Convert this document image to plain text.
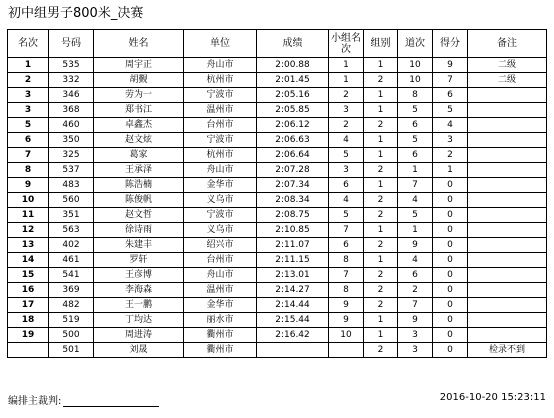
初中组男子800米_决赛
名次	号码	姓名	单位	成绩	小组名次	组别	道次	得分	备注
1	535	周宇正	舟山市	2:00.88	1	1	10	9	二级
2	332	胡觐	杭州市	2:01.45	1	2	10	7	二级
3	346	劳为一	宁波市	2:05.16	2	1	8	6	
3	368	郑书江	温州市	2:05.85	3	1	5	5	
5	460	卓鑫杰	台州市	2:06.12	2	2	6	4	
6	350	赵文炫	宁波市	2:06.63	4	1	5	3	
7	325	葛家	杭州市	2:06.64	5	1	6	2	
8	537	王承泽	舟山市	2:07.28	3	2	1	1	
9	483	陈浩楠	金华市	2:07.34	6	1	7	0	
10	560	陈俊帆	义乌市	2:08.34	4	2	4	0	
11	351	赵文哲	宁波市	2:08.75	5	2	5	0	
12	563	徐诗雨	义乌市	2:10.85	7	1	1	0	
13	402	朱建丰	绍兴市	2:11.07	6	2	9	0	
14	461	罗轩	台州市	2:11.15	8	1	4	0	
15	541	王彦博	舟山市	2:13.01	7	2	6	0	
16	369	李海森	温州市	2:14.27	8	2	2	0	
17	482	王一鹏	金华市	2:14.44	9	2	7	0	
18	519	丁均达	丽水市	2:15.44	9	1	9	0	
19	500	周进涛	衢州市	2:16.42	10	1	3	0	
	501	刘晟	衢州市			2	3	0	检录不到
编排主裁判:	2016-10-20 15:23:11
